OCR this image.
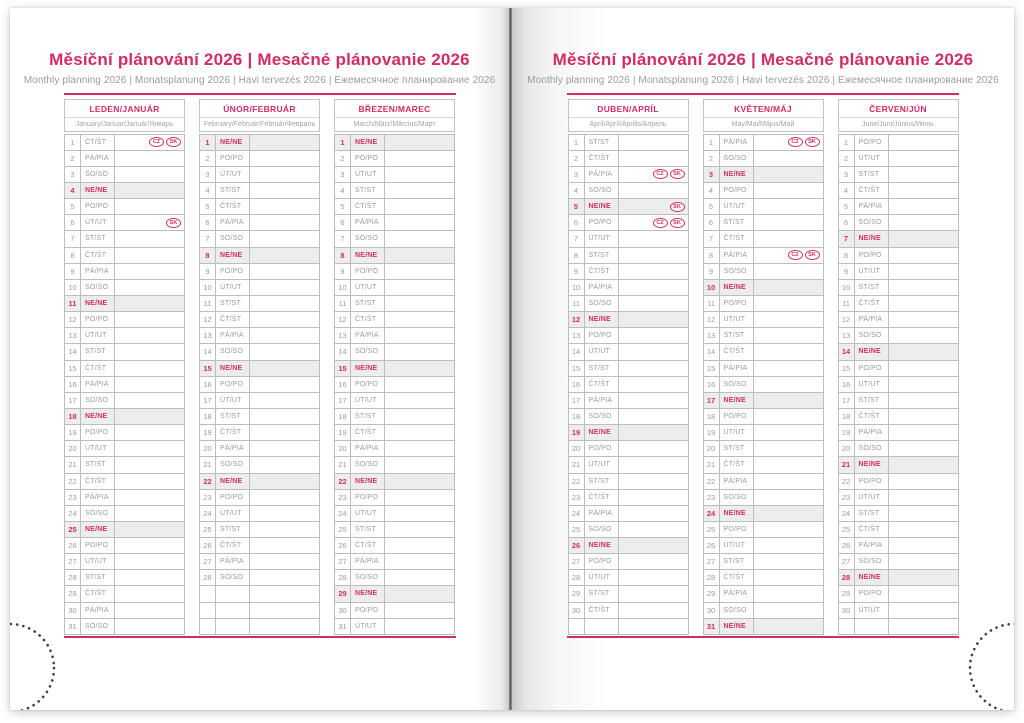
Měsíční plánování 2026 | Mesačné plánovanie 2026
Monthly planning 2026 | Monatsplanung 2026 | Havi tervezés 2026 | Ежемесячное планирование 2026
LEDEN/JANUÁR
January/Januar/Január/Январь
1	ČT/ŠT	CZ	SK
2	PÁ/PIA
3	SO/SO
4	NE/NE
5	PO/PO
6	ÚT/UT	SK
7	ST/ST
8	ČT/ŠT
9	PÁ/PIA
10	SO/SO
11	NE/NE
12	PO/PO
13	ÚT/UT
14	ST/ST
15	ČT/ŠT
16	PÁ/PIA
17	SO/SO
18	NE/NE
19	PO/PO
20	ÚT/UT
21	ST/ST
22	ČT/ŠT
23	PÁ/PIA
24	SO/SO
25	NE/NE
26	PO/PO
27	ÚT/UT
28	ST/ST
29	ČT/ŠT
30	PÁ/PIA
31	SO/SO
ÚNOR/FEBRUÁR
February/Februar/Február/Февраль
1	NE/NE
2	PO/PO
3	ÚT/UT
4	ST/ST
5	ČT/ŠT
6	PÁ/PIA
7	SO/SO
8	NE/NE
9	PO/PO
10	ÚT/UT
11	ST/ST
12	ČT/ŠT
13	PÁ/PIA
14	SO/SO
15	NE/NE
16	PO/PO
17	ÚT/UT
18	ST/ST
19	ČT/ŠT
20	PÁ/PIA
21	SO/SO
22	NE/NE
23	PO/PO
24	ÚT/UT
25	ST/ST
26	ČT/ŠT
27	PÁ/PIA
28	SO/SO
BŘEZEN/MAREC
March/März/Március/Март
1	NE/NE
2	PO/PO
3	ÚT/UT
4	ST/ST
5	ČT/ŠT
6	PÁ/PIA
7	SO/SO
8	NE/NE
9	PO/PO
10	ÚT/UT
11	ST/ST
12	ČT/ŠT
13	PÁ/PIA
14	SO/SO
15	NE/NE
16	PO/PO
17	ÚT/UT
18	ST/ST
19	ČT/ŠT
20	PÁ/PIA
21	SO/SO
22	NE/NE
23	PO/PO
24	ÚT/UT
25	ST/ST
26	ČT/ŠT
27	PÁ/PIA
28	SO/SO
29	NE/NE
30	PO/PO
31	ÚT/UT
Měsíční plánování 2026 | Mesačné plánovanie 2026
Monthly planning 2026 | Monatsplanung 2026 | Havi tervezés 2026 | Ежемесячное планирование 2026
DUBEN/APRÍL
April/Apríl/Április/Апрель
1	ST/ST
2	ČT/ŠT
3	PÁ/PIA	CZ	SK
4	SO/SO
5	NE/NE	SK
6	PO/PO	CZ	SK
7	ÚT/UT
8	ST/ST
9	ČT/ŠT
10	PÁ/PIA
11	SO/SO
12	NE/NE
13	PO/PO
14	ÚT/UT
15	ST/ST
16	ČT/ŠT
17	PÁ/PIA
18	SO/SO
19	NE/NE
20	PO/PO
21	ÚT/UT
22	ST/ST
23	ČT/ŠT
24	PÁ/PIA
25	SO/SO
26	NE/NE
27	PO/PO
28	ÚT/UT
29	ST/ST
30	ČT/ŠT
KVĚTEN/MÁJ
May/Mai/Május/Май
1	PÁ/PIA	CZ	SK
2	SO/SO
3	NE/NE
4	PO/PO
5	ÚT/UT
6	ST/ST
7	ČT/ŠT
8	PÁ/PIA	CZ	SK
9	SO/SO
10	NE/NE
11	PO/PO
12	ÚT/UT
13	ST/ST
14	ČT/ŠT
15	PÁ/PIA
16	SO/SO
17	NE/NE
18	PO/PO
19	ÚT/UT
20	ST/ST
21	ČT/ŠT
22	PÁ/PIA
23	SO/SO
24	NE/NE
25	PO/PO
26	ÚT/UT
27	ST/ST
28	ČT/ŠT
29	PÁ/PIA
30	SO/SO
31	NE/NE
ČERVEN/JÚN
June/Juni/Június/Июнь
1	PO/PO
2	ÚT/UT
3	ST/ST
4	ČT/ŠT
5	PÁ/PIA
6	SO/SO
7	NE/NE
8	PO/PO
9	ÚT/UT
10	ST/ST
11	ČT/ŠT
12	PÁ/PIA
13	SO/SO
14	NE/NE
15	PO/PO
16	ÚT/UT
17	ST/ST
18	ČT/ŠT
19	PÁ/PIA
20	SO/SO
21	NE/NE
22	PO/PO
23	ÚT/UT
24	ST/ST
25	ČT/ŠT
26	PÁ/PIA
27	SO/SO
28	NE/NE
29	PO/PO
30	ÚT/UT
